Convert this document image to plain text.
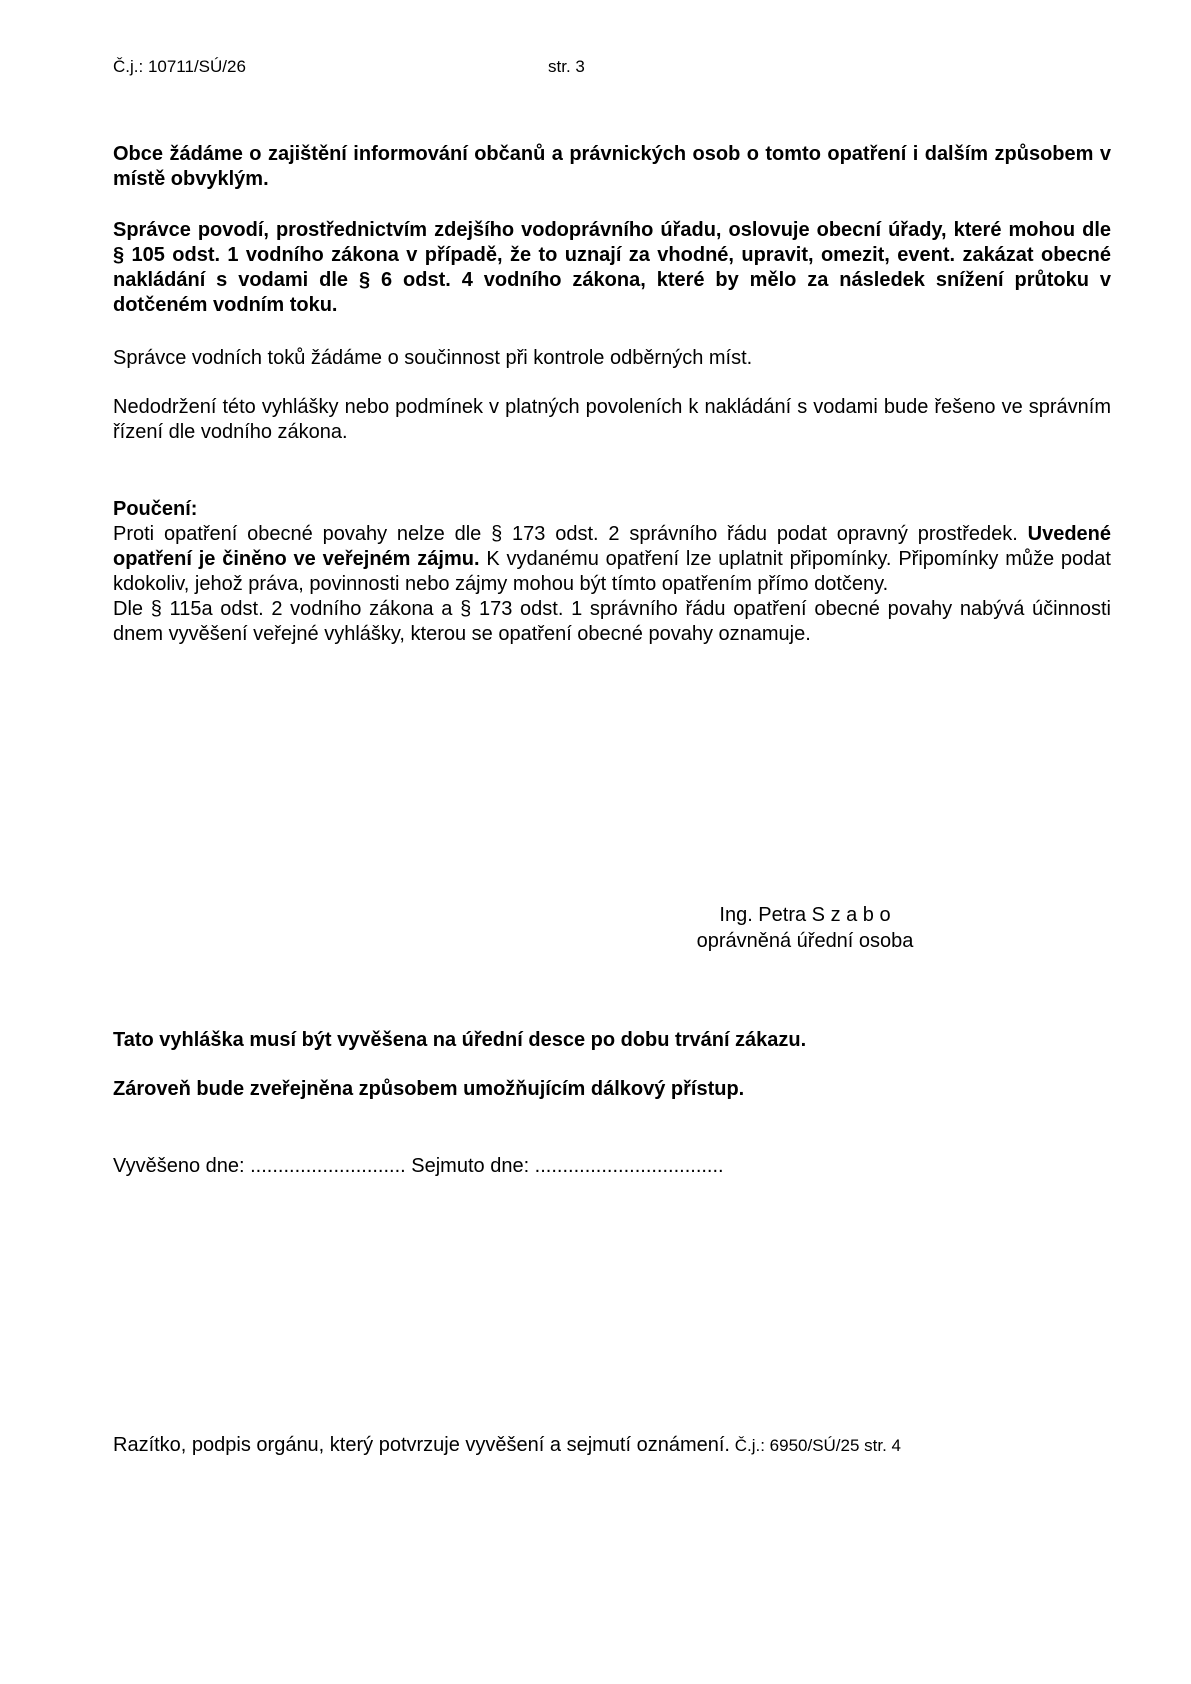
Č.j.: 10711/SÚ/26	str. 3

Obce žádáme o zajištění informování občanů a právnických osob o tomto opatření i dalším způsobem v místě obvyklým.

Správce povodí, prostřednictvím zdejšího vodoprávního úřadu, oslovuje obecní úřady, které mohou dle § 105 odst. 1 vodního zákona v případě, že to uznají za vhodné, upravit, omezit, event. zakázat obecné nakládání s vodami dle § 6 odst. 4 vodního zákona, které by mělo za následek snížení průtoku v dotčeném vodním toku.

Správce vodních toků žádáme o součinnost při kontrole odběrných míst.

Nedodržení této vyhlášky nebo podmínek v platných povoleních k nakládání s vodami bude řešeno ve správním řízení dle vodního zákona.

Poučení:

Proti opatření obecné povahy nelze dle § 173 odst. 2 správního řádu podat opravný prostředek. Uvedené opatření je činěno ve veřejném zájmu. K vydanému opatření lze uplatnit připomínky. Připomínky může podat kdokoliv, jehož práva, povinnosti nebo zájmy mohou být tímto opatřením přímo dotčeny.

Dle § 115a odst. 2 vodního zákona a § 173 odst. 1 správního řádu opatření obecné povahy nabývá účinnosti dnem vyvěšení veřejné vyhlášky, kterou se opatření obecné povahy oznamuje.

Ing. Petra S z a b o
oprávněná úřední osoba

Tato vyhláška musí být vyvěšena na úřední desce po dobu trvání zákazu.

Zároveň bude zveřejněna způsobem umožňujícím dálkový přístup.

Vyvěšeno dne: ............................ Sejmuto dne: ..................................
Razítko, podpis orgánu, který potvrzuje vyvěšení a sejmutí oznámení. Č.j.: 6950/SÚ/25 str. 4
